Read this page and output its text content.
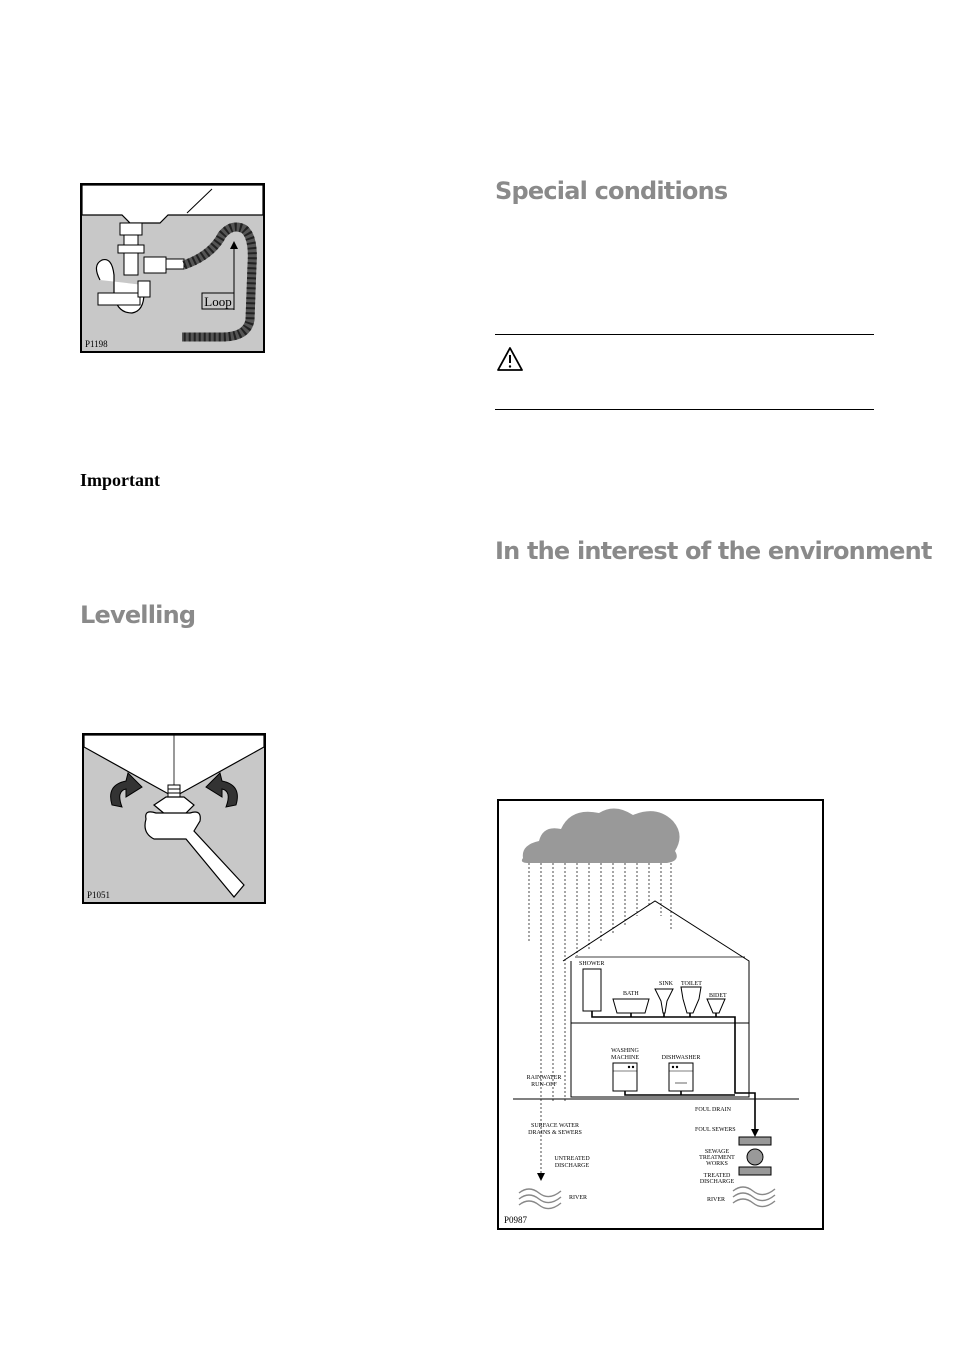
Loop
P1198
Important
Levelling
P1051
Special conditions
In the interest of the environment
SHOWER
BATH
SINK TOILET
BIDET
WASHING
MACHINE	DISHWASHER
RAINWATER
RUN-OFF
FOUL DRAIN
SURFACE WATER
DRAINS & SEWERS	FOUL SEWERS
SEWAGE
TREATMENT
WORKS
UNTREATED
DISCHARGE
TREATED
DISCHARGE
RIVER	RIVER
P0987
